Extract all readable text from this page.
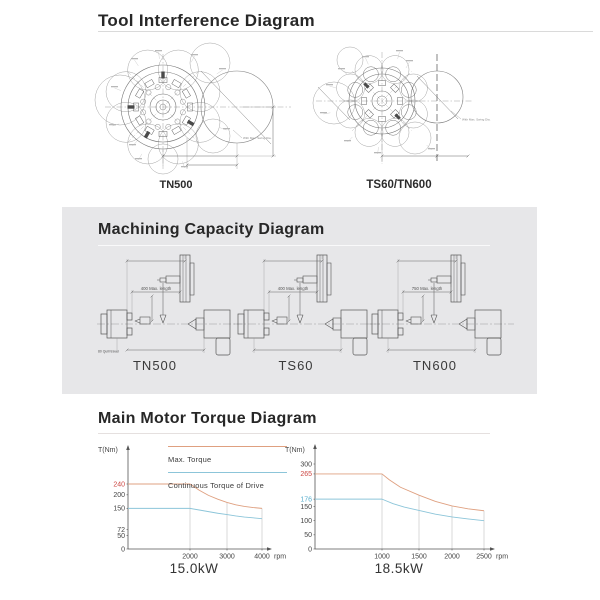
Tool Interference Diagram
With Max. Swing Dia.
TN500
With Max. Swing Dia.
TS60/TN600
Machining Capacity Diagram
400 Max. length
80 Quill travel
TN500
400 Max. length
TS60
750 Max. length
TN600
Main Motor Torque Diagram
240
200
150
72
50
0
2000	3000	4000 rpm
T(Nm)
300
265
176
150
100
50
0
1000	1500 2000 2500 rpm
T(Nm)
Max. Torque
Continuous Torque of Drive
15.0kW	18.5kW
